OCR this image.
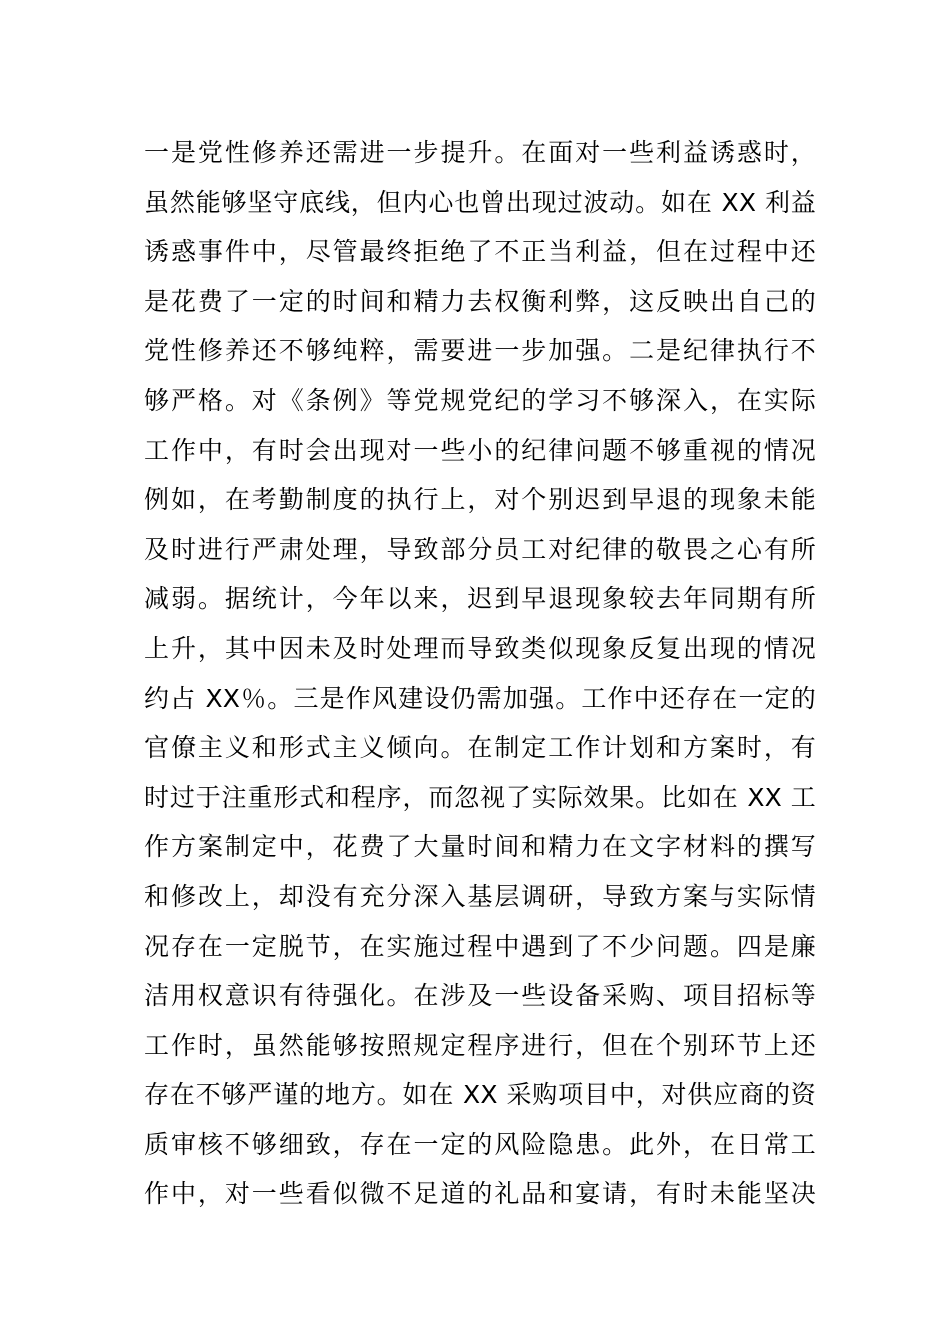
一是党性修养还需进一步提升。在面对一些利益诱惑时，
虽然能够坚守底线，但内心也曾出现过波动。如在 XX 利益
诱惑事件中，尽管最终拒绝了不正当利益，但在过程中还
是花费了一定的时间和精力去权衡利弊，这反映出自己的
党性修养还不够纯粹，需要进一步加强。二是纪律执行不
够严格。对《条例》等党规党纪的学习不够深入，在实际
工作中，有时会出现对一些小的纪律问题不够重视的情况
例如，在考勤制度的执行上，对个别迟到早退的现象未能
及时进行严肃处理，导致部分员工对纪律的敬畏之心有所
减弱。据统计，今年以来，迟到早退现象较去年同期有所
上升，其中因未及时处理而导致类似现象反复出现的情况
约占 XX％。三是作风建设仍需加强。工作中还存在一定的
官僚主义和形式主义倾向。在制定工作计划和方案时，有
时过于注重形式和程序，而忽视了实际效果。比如在 XX 工
作方案制定中，花费了大量时间和精力在文字材料的撰写
和修改上，却没有充分深入基层调研，导致方案与实际情
况存在一定脱节，在实施过程中遇到了不少问题。四是廉
洁用权意识有待强化。在涉及一些设备采购、项目招标等
工作时，虽然能够按照规定程序进行，但在个别环节上还
存在不够严谨的地方。如在 XX 采购项目中，对供应商的资
质审核不够细致，存在一定的风险隐患。此外，在日常工
作中，对一些看似微不足道的礼品和宴请，有时未能坚决
